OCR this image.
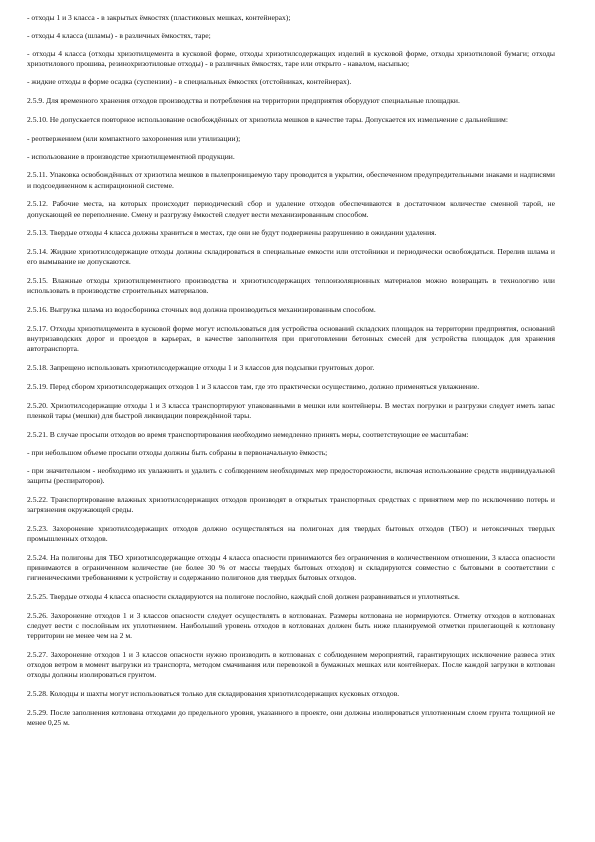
- отходы 1 и 3 класса - в закрытых ёмкостях (пластиковых мешках, контейнерах);

- отходы 4 класса (шламы) - в различных ёмкостях, таре;

- отходы 4 класса (отходы хризотилцемента в кусковой форме, отходы хризотилсодержащих изделий в кусковой форме, отходы хризотиловой бумаги; отходы хризотилового прошива, резинохризотиловые отходы) - в различных ёмкостях, таре или открыто - навалом, насыпью;

- жидкие отходы в форме осадка (суспензии) - в специальных ёмкостях (отстойниках, контейнерах).

2.5.9. Для временного хранения отходов производства и потребления на территории предприятия оборудуют специальные площадки.

2.5.10. Не допускается повторное использование освобождённых от хризотила мешков в качестве тары. Допускается их измельчение с дальнейшим:

- реотвержением (или компактного захоронения или утилизации);

- использование в производстве хризотилцементной продукции.

2.5.11. Упаковка освобождённых от хризотила мешков в пылепроницаемую тару проводится в укрытии, обеспеченном предупредительными знаками и надписями и подсоединенном к аспирационной системе.

2.5.12. Рабочие места, на которых происходит периодический сбор и удаление отходов обеспечиваются в достаточном количестве сменной тарой, не допускающей ее переполнение. Смену и разгрузку ёмкостей следует вести механизированным способом.

2.5.13. Твердые отходы 4 класса должны храниться в местах, где они не будут подвержены разрушению в ожидании удаления.

2.5.14. Жидкие хризотилсодержащие отходы должны складироваться в специальные емкости или отстойники и периодически освобождаться. Перелив шлама и его вымывание не допускаются.

2.5.15. Влажные отходы хризотилцементного производства и хризотилсодержащих теплоизоляционных материалов можно возвращать в технологию или использовать в производстве строительных материалов.

2.5.16. Выгрузка шлама из водосборника сточных вод должна производиться механизированным способом.

2.5.17. Отходы хризотилцемента в кусковой форме могут использоваться для устройства оснований складских площадок на территории предприятия, оснований внутризаводских дорог и проездов в карьерах, в качестве заполнителя при приготовлении бетонных смесей для устройства площадок для хранения автотранспорта.

2.5.18. Запрещено использовать хризотилсодержащие отходы 1 и 3 классов для подсыпки грунтовых дорог.

2.5.19. Перед сбором хризотилсодержащих отходов 1 и 3 классов там, где это практически осуществимо, должно применяться увлажнение.

2.5.20. Хризотилсодержащие отходы 1 и 3 класса транспортируют упакованными в мешки или контейнеры. В местах погрузки и разгрузки следует иметь запас пленкой тары (мешки) для быстрой ликвидации повреждённой тары.

2.5.21. В случае просыпи отходов во время транспортирования необходимо немедленно принять меры, соответствующие ее масштабам:

- при небольшом объеме просыпи отходы должны быть собраны в первоначальную ёмкость;

- при значительном - необходимо их увлажнить и удалить с соблюдением необходимых мер предосторожности, включая использование средств индивидуальной защиты (респираторов).

2.5.22. Транспортирование влажных хризотилсодержащих отходов производят в открытых транспортных средствах с принятием мер по исключению потерь и загрязнения окружающей среды.

2.5.23. Захоронение хризотилсодержащих отходов должно осуществляться на полигонах для твердых бытовых отходов (ТБО) и нетоксичных твердых промышленных отходов.

2.5.24. На полигоны для ТБО хризотилсодержащие отходы 4 класса опасности принимаются без ограничения в количественном отношении, 3 класса опасности принимаются в ограниченном количестве (не более 30 % от массы твердых бытовых отходов) и складируются совместно с бытовыми в соответствии с гигиеническими требованиями к устройству и содержанию полигонов для твердых бытовых отходов.

2.5.25. Твердые отходы 4 класса опасности складируются на полигоне послойно, каждый слой должен разравниваться и уплотняться.

2.5.26. Захоронение отходов 1 и 3 классов опасности следует осуществлять в котлованах. Размеры котлована не нормируются. Отметку отходов в котлованах следует вести с послойным их уплотнением. Наибольший уровень отходов в котлованах должен быть ниже планируемой отметки прилегающей к котловану территории не менее чем на 2 м.

2.5.27. Захоронение отходов 1 и 3 классов опасности нужно производить в котлованах с соблюдением мероприятий, гарантирующих исключение развеса этих отходов ветром в момент выгрузки из транспорта, методом смачивания или перевозкой в бумажных мешках или контейнерах. После каждой загрузки в котлован отходы должны изолироваться грунтом.

2.5.28. Колодцы и шахты могут использоваться только для складирования хризотилсодержащих кусковых отходов.

2.5.29. После заполнения котлована отходами до предельного уровня, указанного в проекте, они должны изолироваться уплотненным слоем грунта толщиной не менее 0,25 м.
